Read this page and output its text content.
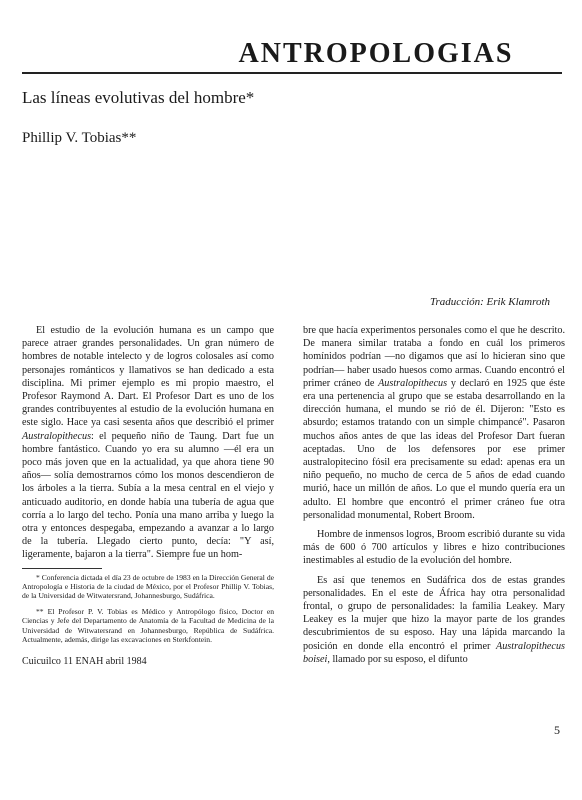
ANTROPOLOGIAS
Las líneas evolutivas del hombre*
Phillip V. Tobias**
Traducción: Erik Klamroth

El estudio de la evolución humana es un campo que parece atraer grandes personalidades. Un gran número de hombres de notable intelecto y de logros colosales así como personajes románticos y llamativos se han dedicado a esta disciplina. Mi primer ejemplo es mi propio maestro, el Profesor Raymond A. Dart. El Profesor Dart es uno de los grandes contribuyentes al estudio de la evolución humana en este siglo. Hace ya casi sesenta años que describió el primer Australopithecus: el pequeño niño de Taung. Dart fue un hombre fantástico. Cuando yo era su alumno —él era un poco más joven que en la actualidad, ya que ahora tiene 90 años— solía demostrarnos cómo los monos descendieron de los árboles a la tierra. Subía a la mesa central en el viejo y anticuado auditorio, en donde había una tubería de agua que corría a lo largo del techo. Ponía una mano arriba y luego la otra y entonces despegaba, empezando a avanzar a lo largo de la tubería. Llegado cierto punto, decía: "Y así, ligeramente, bajaron a la tierra". Siempre fue un hom-

* Conferencia dictada el día 23 de octubre de 1983 en la Dirección General de Antropología e Historia de la ciudad de México, por el Profesor Phillip V. Tobias, de la Universidad de Witwatersrand, Johannesburgo, Sudáfrica.

** El Profesor P. V. Tobias es Médico y Antropólogo físico, Doctor en Ciencias y Jefe del Departamento de Anatomía de la Facultad de Medicina de la Universidad de Witwatersrand en Johannesburgo, República de Sudáfrica. Actualmente, además, dirige las excavaciones en Sterkfontein.

Cuicuilco 11 ENAH abril 1984

bre que hacía experimentos personales como el que he descrito. De manera similar trataba a fondo en cuál los primeros homínidos podrían —no digamos que así lo hicieran sino que podrían— haber usado huesos como armas. Cuando encontró el primer cráneo de Australopithecus y declaró en 1925 que éste era una pertenencia al grupo que se estaba desarrollando en la dirección humana, el mundo se rió de él. Dijeron: "Esto es absurdo; estamos tratando con un simple chimpancé". Pasaron muchos años antes de que las ideas del Profesor Dart fueran aceptadas. Uno de los defensores por ese primer australopitecino fósil era precisamente su edad: apenas era un niño pequeño, no mucho de cerca de 5 años de edad cuando murió, hace un millón de años. Lo que el mundo quería era un adulto. El hombre que encontró el primer cráneo fue otra personalidad monumental, Robert Broom.

Hombre de inmensos logros, Broom escribió durante su vida más de 600 ó 700 artículos y libres e hizo contribuciones inestimables al estudio de la evolución del hombre.

Es así que tenemos en Sudáfrica dos de estas grandes personalidades. En el este de África hay otra personalidad frontal, o grupo de personalidades: la familia Leakey. Mary Leakey es la mujer que hizo la mayor parte de los grandes descubrimientos de su esposo. Hay una lápida marcando la posición en donde ella encontró el primer Australopithecus boisei, llamado por su esposo, el difunto

5
